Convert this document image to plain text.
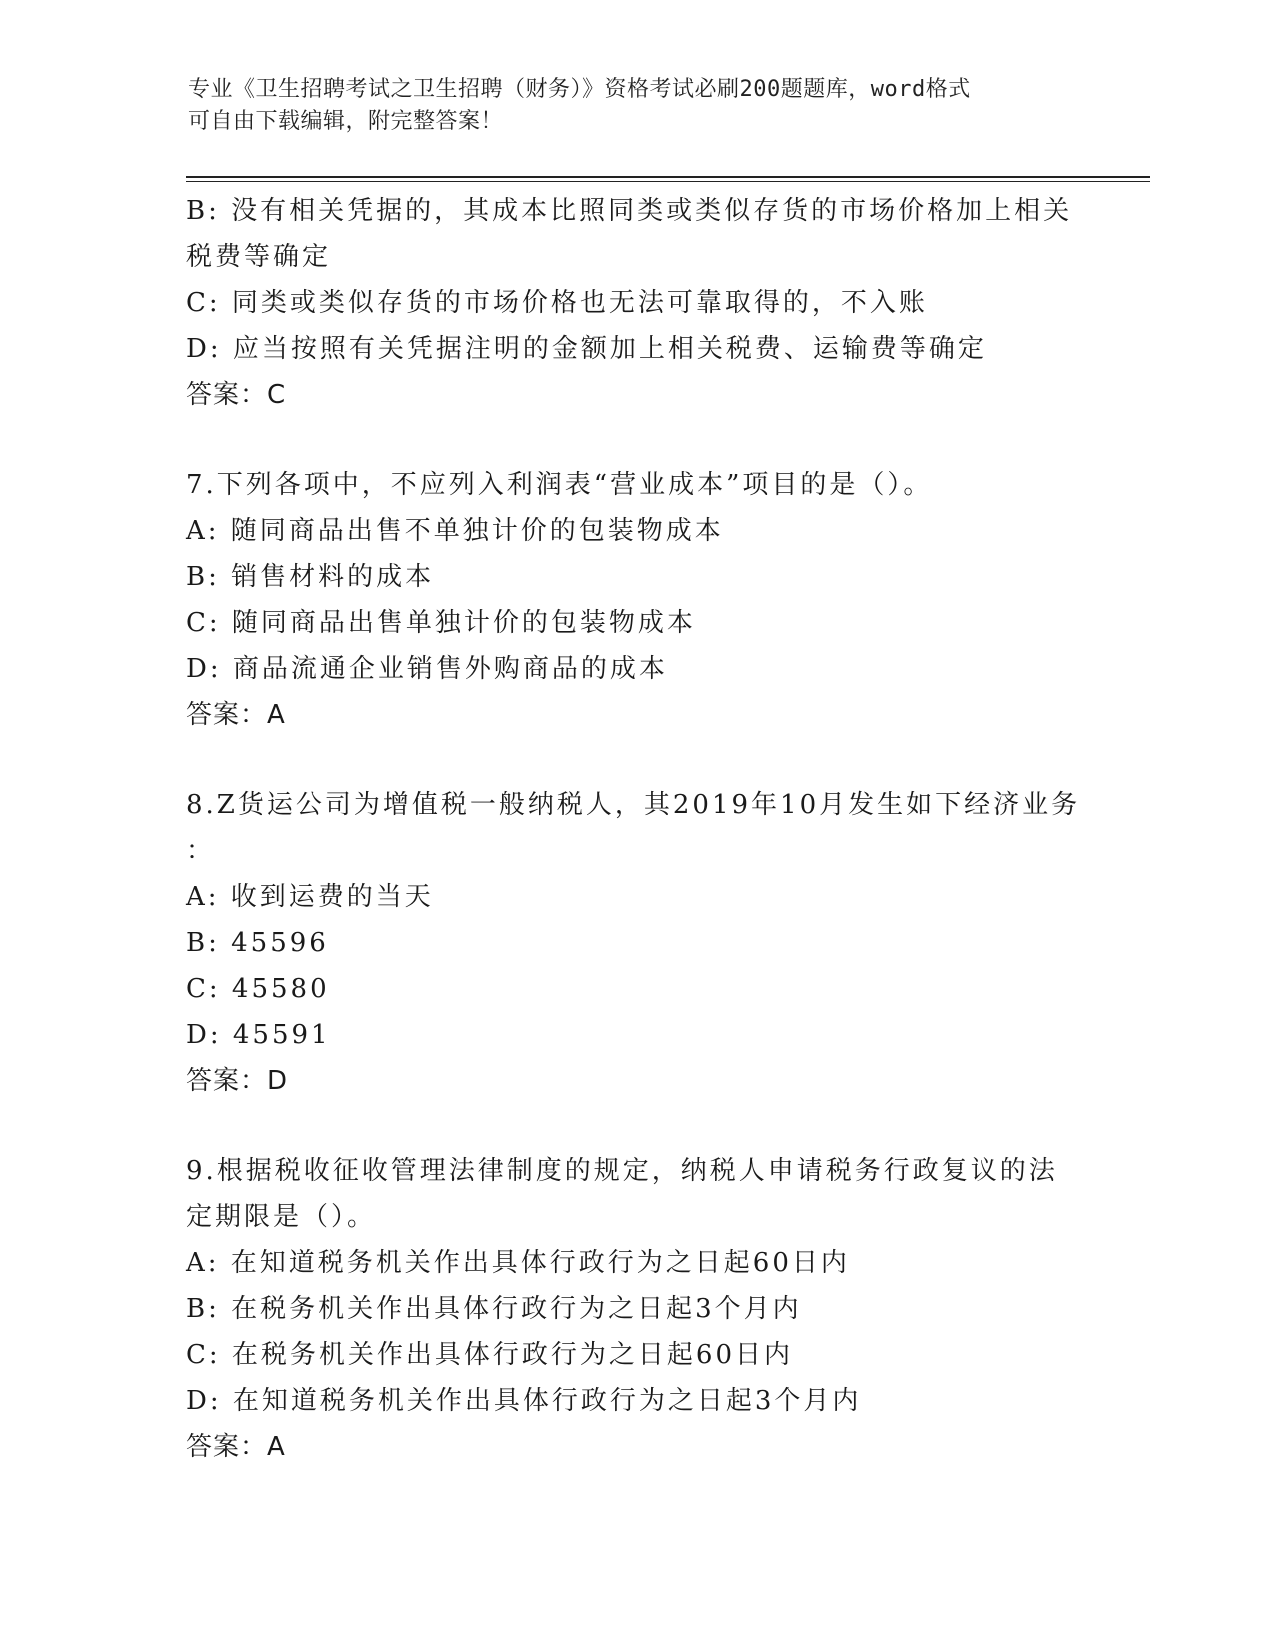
专业《卫生招聘考试之卫生招聘（财务）》资格考试必刷200题题库，word格式
可自由下载编辑，附完整答案！
B: 没有相关凭据的，其成本比照同类或类似存货的市场价格加上相关
税费等确定
C: 同类或类似存货的市场价格也无法可靠取得的，不入账
D: 应当按照有关凭据注明的金额加上相关税费、运输费等确定
答案：C
7.下列各项中，不应列入利润表“营业成本”项目的是（）。
A: 随同商品出售不单独计价的包装物成本
B: 销售材料的成本
C: 随同商品出售单独计价的包装物成本
D: 商品流通企业销售外购商品的成本
答案：A
8.Z货运公司为增值税一般纳税人，其2019年10月发生如下经济业务
：
A: 收到运费的当天
B: 45596
C: 45580
D: 45591
答案：D
9.根据税收征收管理法律制度的规定，纳税人申请税务行政复议的法
定期限是（）。
A: 在知道税务机关作出具体行政行为之日起60日内
B: 在税务机关作出具体行政行为之日起3个月内
C: 在税务机关作出具体行政行为之日起60日内
D: 在知道税务机关作出具体行政行为之日起3个月内
答案：A
